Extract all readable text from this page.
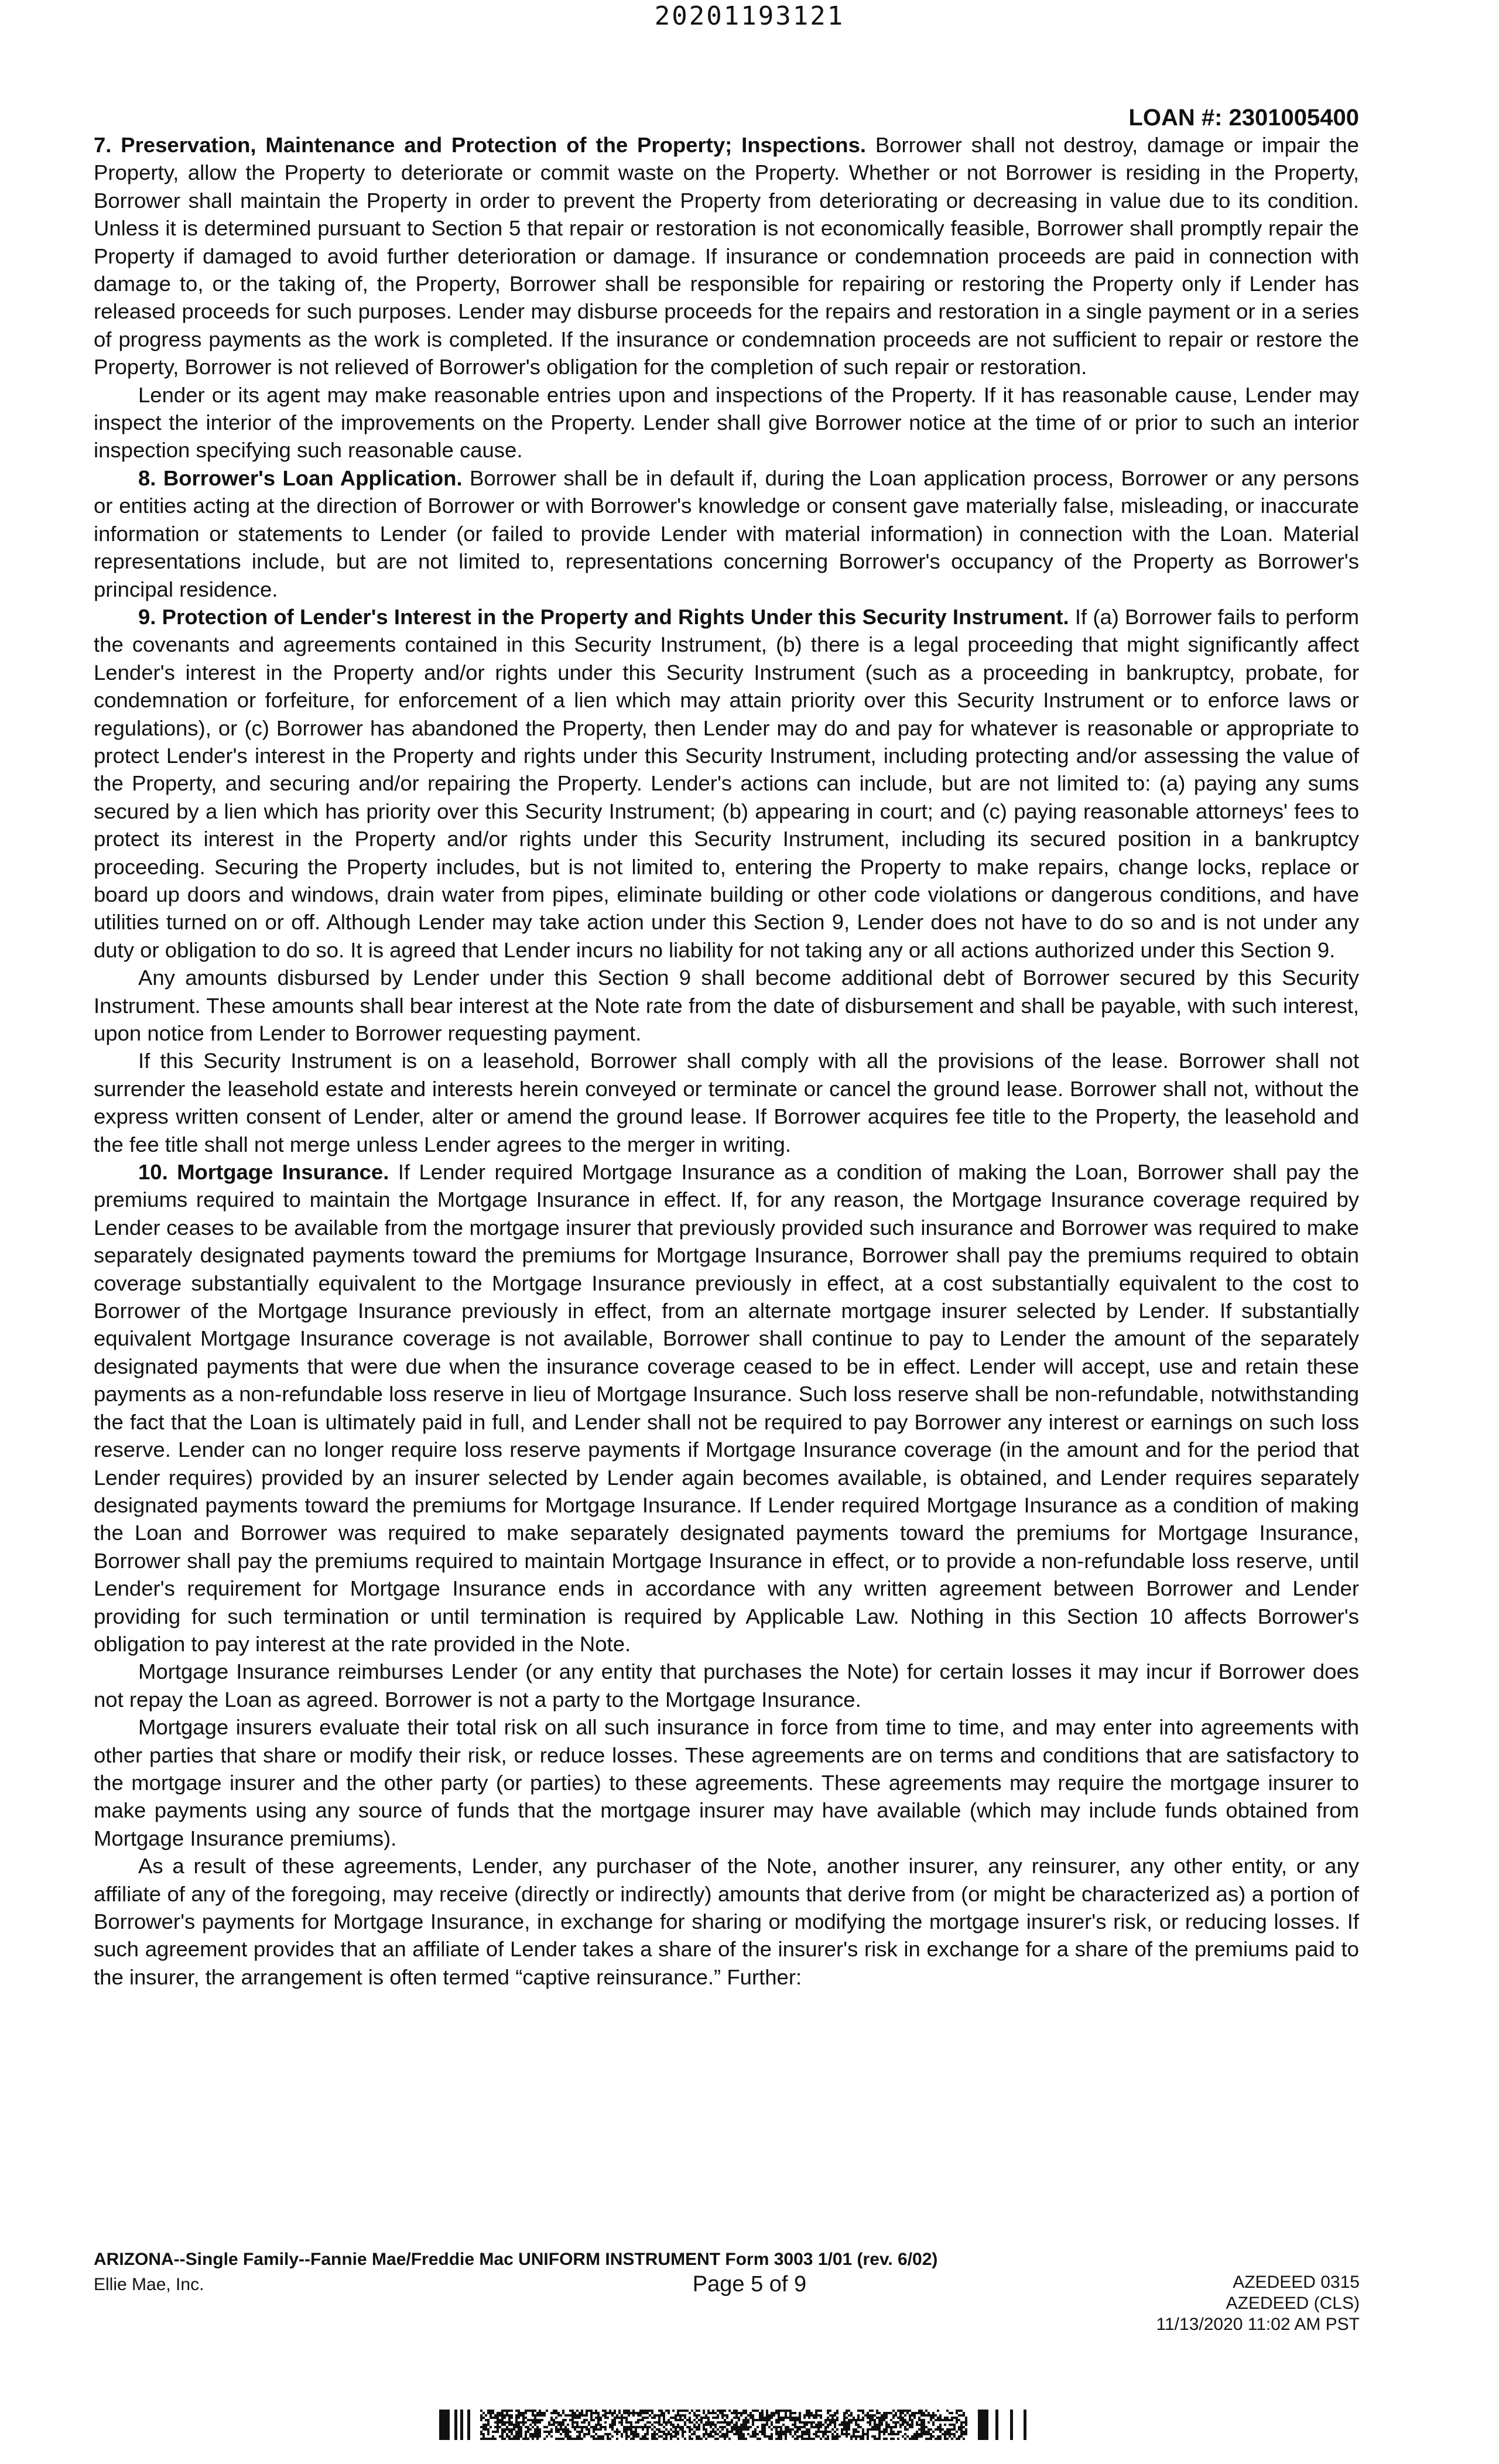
20201193121
LOAN #: 2301005400

7. Preservation, Maintenance and Protection of the Property; Inspections. Borrower shall not destroy, damage or impair the Property, allow the Property to deteriorate or commit waste on the Property. Whether or not Borrower is residing in the Property, Borrower shall maintain the Property in order to prevent the Property from deteriorating or decreasing in value due to its condition. Unless it is determined pursuant to Section 5 that repair or restoration is not economically feasible, Borrower shall promptly repair the Property if damaged to avoid further deterioration or damage. If insurance or condemnation proceeds are paid in connection with damage to, or the taking of, the Property, Borrower shall be responsible for repairing or restoring the Property only if Lender has released proceeds for such purposes. Lender may disburse proceeds for the repairs and restoration in a single payment or in a series of progress payments as the work is completed. If the insurance or condemnation proceeds are not sufficient to repair or restore the Property, Borrower is not relieved of Borrower's obligation for the completion of such repair or restoration.

Lender or its agent may make reasonable entries upon and inspections of the Property. If it has reasonable cause, Lender may inspect the interior of the improvements on the Property. Lender shall give Borrower notice at the time of or prior to such an interior inspection specifying such reasonable cause.

8. Borrower's Loan Application. Borrower shall be in default if, during the Loan application process, Borrower or any persons or entities acting at the direction of Borrower or with Borrower's knowledge or consent gave materially false, misleading, or inaccurate information or statements to Lender (or failed to provide Lender with material information) in connection with the Loan. Material representations include, but are not limited to, representations concerning Borrower's occupancy of the Property as Borrower's principal residence.

9. Protection of Lender's Interest in the Property and Rights Under this Security Instrument. If (a) Borrower fails to perform the covenants and agreements contained in this Security Instrument, (b) there is a legal proceeding that might significantly affect Lender's interest in the Property and/or rights under this Security Instrument (such as a proceeding in bankruptcy, probate, for condemnation or forfeiture, for enforcement of a lien which may attain priority over this Security Instrument or to enforce laws or regulations), or (c) Borrower has abandoned the Property, then Lender may do and pay for whatever is reasonable or appropriate to protect Lender's interest in the Property and rights under this Security Instrument, including protecting and/or assessing the value of the Property, and securing and/or repairing the Property. Lender's actions can include, but are not limited to: (a) paying any sums secured by a lien which has priority over this Security Instrument; (b) appearing in court; and (c) paying reasonable attorneys' fees to protect its interest in the Property and/or rights under this Security Instrument, including its secured position in a bankruptcy proceeding. Securing the Property includes, but is not limited to, entering the Property to make repairs, change locks, replace or board up doors and windows, drain water from pipes, eliminate building or other code violations or dangerous conditions, and have utilities turned on or off. Although Lender may take action under this Section 9, Lender does not have to do so and is not under any duty or obligation to do so. It is agreed that Lender incurs no liability for not taking any or all actions authorized under this Section 9.

Any amounts disbursed by Lender under this Section 9 shall become additional debt of Borrower secured by this Security Instrument. These amounts shall bear interest at the Note rate from the date of disbursement and shall be payable, with such interest, upon notice from Lender to Borrower requesting payment.

If this Security Instrument is on a leasehold, Borrower shall comply with all the provisions of the lease. Borrower shall not surrender the leasehold estate and interests herein conveyed or terminate or cancel the ground lease. Borrower shall not, without the express written consent of Lender, alter or amend the ground lease. If Borrower acquires fee title to the Property, the leasehold and the fee title shall not merge unless Lender agrees to the merger in writing.

10. Mortgage Insurance. If Lender required Mortgage Insurance as a condition of making the Loan, Borrower shall pay the premiums required to maintain the Mortgage Insurance in effect. If, for any reason, the Mortgage Insurance coverage required by Lender ceases to be available from the mortgage insurer that previously provided such insurance and Borrower was required to make separately designated payments toward the premiums for Mortgage Insurance, Borrower shall pay the premiums required to obtain coverage substantially equivalent to the Mortgage Insurance previously in effect, at a cost substantially equivalent to the cost to Borrower of the Mortgage Insurance previously in effect, from an alternate mortgage insurer selected by Lender. If substantially equivalent Mortgage Insurance coverage is not available, Borrower shall continue to pay to Lender the amount of the separately designated payments that were due when the insurance coverage ceased to be in effect. Lender will accept, use and retain these payments as a non-refundable loss reserve in lieu of Mortgage Insurance. Such loss reserve shall be non-refundable, notwithstanding the fact that the Loan is ultimately paid in full, and Lender shall not be required to pay Borrower any interest or earnings on such loss reserve. Lender can no longer require loss reserve payments if Mortgage Insurance coverage (in the amount and for the period that Lender requires) provided by an insurer selected by Lender again becomes available, is obtained, and Lender requires separately designated payments toward the premiums for Mortgage Insurance. If Lender required Mortgage Insurance as a condition of making the Loan and Borrower was required to make separately designated payments toward the premiums for Mortgage Insurance, Borrower shall pay the premiums required to maintain Mortgage Insurance in effect, or to provide a non-refundable loss reserve, until Lender's requirement for Mortgage Insurance ends in accordance with any written agreement between Borrower and Lender providing for such termination or until termination is required by Applicable Law. Nothing in this Section 10 affects Borrower's obligation to pay interest at the rate provided in the Note.

Mortgage Insurance reimburses Lender (or any entity that purchases the Note) for certain losses it may incur if Borrower does not repay the Loan as agreed. Borrower is not a party to the Mortgage Insurance.

Mortgage insurers evaluate their total risk on all such insurance in force from time to time, and may enter into agreements with other parties that share or modify their risk, or reduce losses. These agreements are on terms and conditions that are satisfactory to the mortgage insurer and the other party (or parties) to these agreements. These agreements may require the mortgage insurer to make payments using any source of funds that the mortgage insurer may have available (which may include funds obtained from Mortgage Insurance premiums).

As a result of these agreements, Lender, any purchaser of the Note, another insurer, any reinsurer, any other entity, or any affiliate of any of the foregoing, may receive (directly or indirectly) amounts that derive from (or might be characterized as) a portion of Borrower's payments for Mortgage Insurance, in exchange for sharing or modifying the mortgage insurer's risk, or reducing losses. If such agreement provides that an affiliate of Lender takes a share of the insurer's risk in exchange for a share of the premiums paid to the insurer, the arrangement is often termed “captive reinsurance.” Further:

ARIZONA--Single Family--Fannie Mae/Freddie Mac UNIFORM INSTRUMENT Form 3003 1/01 (rev. 6/02)
Ellie Mae, Inc.	Page 5 of 9	AZEDEED 0315
AZEDEED (CLS)
11/13/2020 11:02 AM PST
